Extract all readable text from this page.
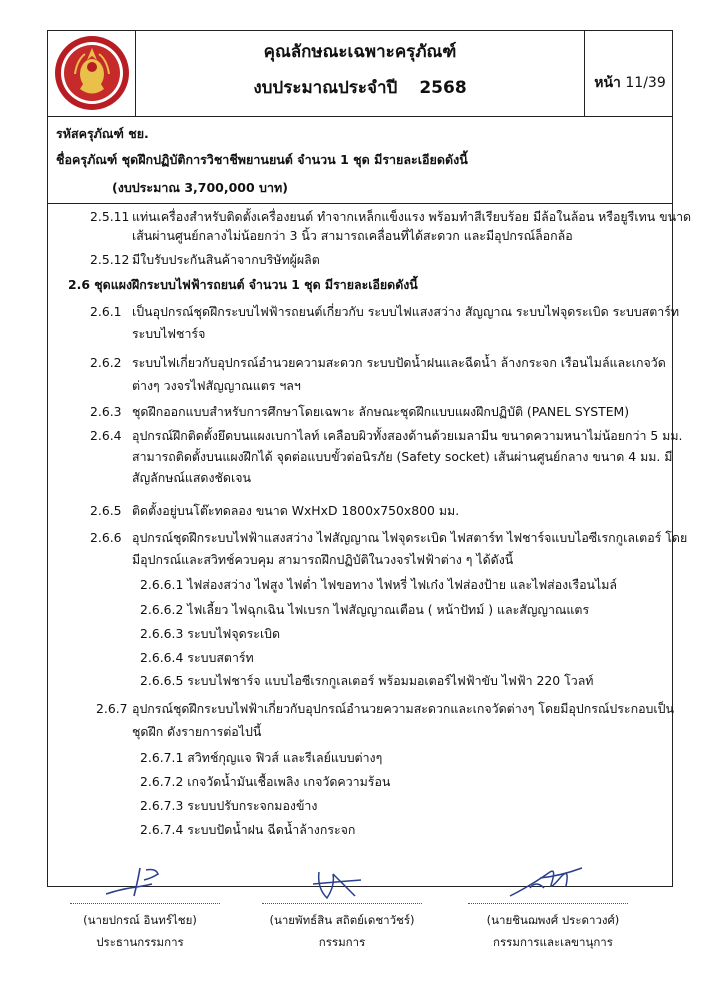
คุณลักษณะเฉพาะครุภัณฑ์
งบประมาณประจำปี 2568	หน้า 11/39
รหัสครุภัณฑ์ ชย.
ชื่อครุภัณฑ์ ชุดฝึกปฏิบัติการวิชาชีพยานยนต์ จำนวน 1 ชุด มีรายละเอียดดังนี้
(งบประมาณ 3,700,000 บาท)
2.5.11 แท่นเครื่องสำหรับติดตั้งเครื่องยนต์ ทำจากเหล็กแข็งแรง พร้อมทำสีเรียบร้อย มีล้อในล้อน หรือยูรีเทน ขนาด
เส้นผ่านศูนย์กลางไม่น้อยกว่า 3 นิ้ว สามารถเคลื่อนที่ได้สะดวก และมีอุปกรณ์ล็อกล้อ
2.5.12 มีใบรับประกันสินค้าจากบริษัทผู้ผลิต
2.6 ชุดแผงฝึกระบบไฟฟ้ารถยนต์ จำนวน 1 ชุด มีรายละเอียดดังนี้
2.6.1 เป็นอุปกรณ์ชุดฝึกระบบไฟฟ้ารถยนต์เกี่ยวกับ ระบบไฟแสงสว่าง สัญญาณ ระบบไฟจุดระเบิด ระบบสตาร์ท
ระบบไฟชาร์จ
2.6.2 ระบบไฟเกี่ยวกับอุปกรณ์อำนวยความสะดวก ระบบปัดน้ำฝนและฉีดน้ำ ล้างกระจก เรือนไมล์และเกจวัด
ต่างๆ วงจรไฟสัญญาณแตร ฯลฯ
2.6.3 ชุดฝึกออกแบบสำหรับการศึกษาโดยเฉพาะ ลักษณะชุดฝึกแบบแผงฝึกปฏิบัติ (PANEL SYSTEM)
2.6.4 อุปกรณ์ฝึกติดตั้งยึดบนแผงเบกาไลท์ เคลือบผิวทั้งสองด้านด้วยเมลามีน ขนาดความหนาไม่น้อยกว่า 5 มม.
สามารถติดตั้งบนแผงฝึกได้ จุดต่อแบบขั้วต่อนิรภัย (Safety socket) เส้นผ่านศูนย์กลาง ขนาด 4 มม. มี
สัญลักษณ์แสดงชัดเจน
2.6.5 ติดตั้งอยู่บนโต๊ะทดลอง ขนาด WxHxD 1800x750x800 มม.
2.6.6 อุปกรณ์ชุดฝึกระบบไฟฟ้าแสงสว่าง ไฟสัญญาณ ไฟจุดระเบิด ไฟสตาร์ท ไฟชาร์จแบบไอซีเรกกูเลเตอร์ โดย
มีอุปกรณ์และสวิทช์ควบคุม สามารถฝึกปฏิบัติในวงจรไฟฟ้าต่าง ๆ ได้ดังนี้
2.6.6.1 ไฟส่องสว่าง ไฟสูง ไฟต่ำ ไฟขอทาง ไฟหรี่ ไฟเก๋ง ไฟส่องป้าย และไฟส่องเรือนไมล์
2.6.6.2 ไฟเลี้ยว ไฟฉุกเฉิน ไฟเบรก ไฟสัญญาณเตือน ( หน้าปัทม์ ) และสัญญาณแตร
2.6.6.3 ระบบไฟจุดระเบิด
2.6.6.4 ระบบสตาร์ท
2.6.6.5 ระบบไฟชาร์จ แบบไอซีเรกกูเลเตอร์ พร้อมมอเตอร์ไฟฟ้าขับ ไฟฟ้า 220 โวลท์
2.6.7 อุปกรณ์ชุดฝึกระบบไฟฟ้าเกี่ยวกับอุปกรณ์อำนวยความสะดวกและเกจวัดต่างๆ โดยมีอุปกรณ์ประกอบเป็น
ชุดฝึก ดังรายการต่อไปนี้
2.6.7.1 สวิทช์กุญแจ ฟิวส์ และรีเลย์แบบต่างๆ
2.6.7.2 เกจวัดน้ำมันเชื้อเพลิง เกจวัดความร้อน
2.6.7.3 ระบบปรับกระจกมองข้าง
2.6.7.4 ระบบปัดน้ำฝน ฉีดน้ำล้างกระจก
(นายปกรณ์ อินทร์ไชย)
ประธานกรรมการ
(นายพัทธ์สิน สถิตย์เดชาวัชร์)
กรรมการ
(นายชินฌพงศ์ ประดาวงศ์)
กรรมการและเลขานุการ
